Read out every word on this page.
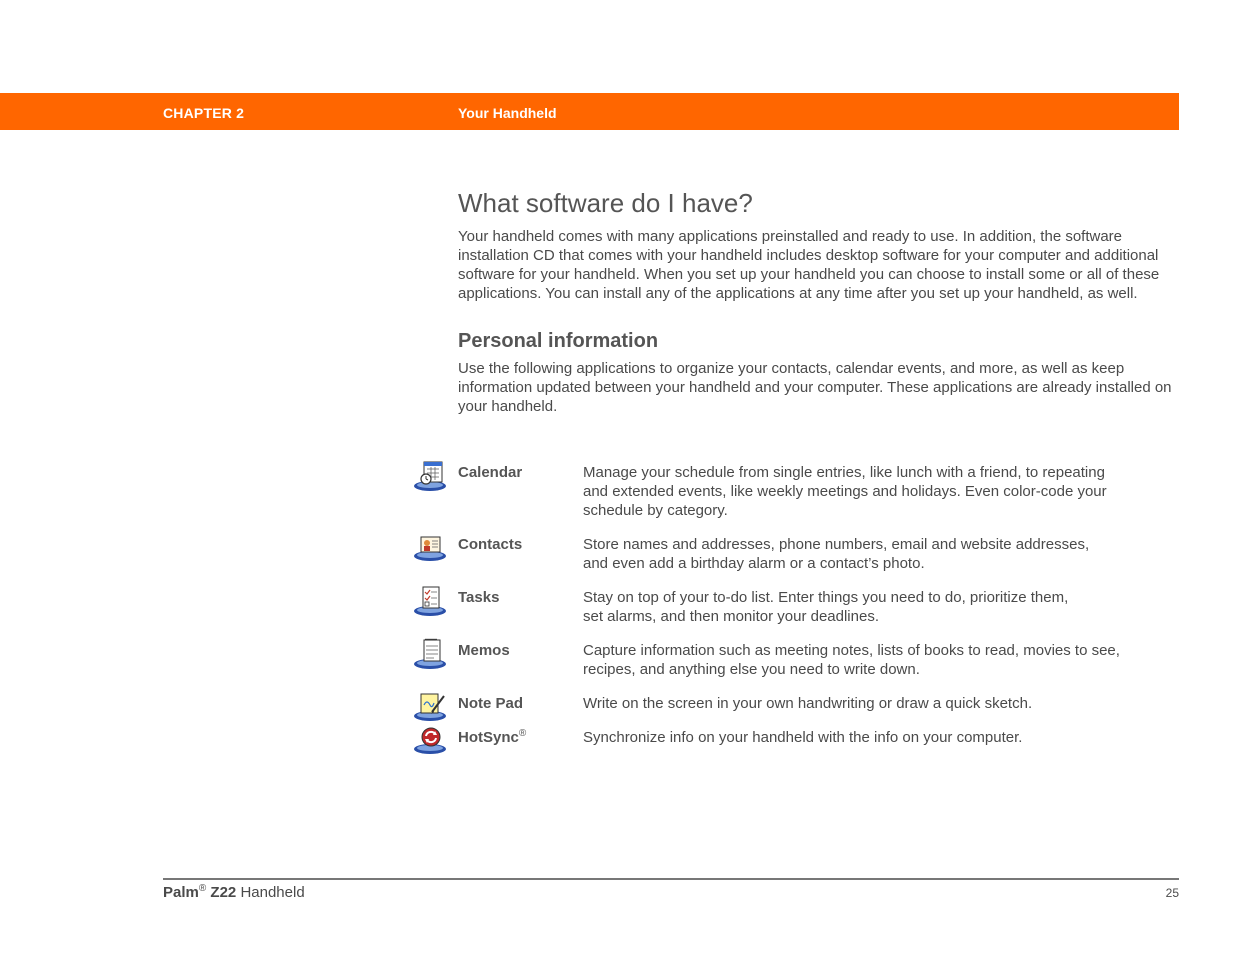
CHAPTER 2	Your Handheld
What software do I have?

Your handheld comes with many applications preinstalled and ready to use. In addition, the software installation CD that comes with your handheld includes desktop software for your computer and additional software for your handheld. When you set up your handheld you can choose to install some or all of these applications. You can install any of the applications at any time after you set up your handheld, as well.

Personal information

Use the following applications to organize your contacts, calendar events, and more, as well as keep information updated between your handheld and your computer. These applications are already installed on your handheld.

Calendar	Manage your schedule from single entries, like lunch with a friend, to repeating
and extended events, like weekly meetings and holidays. Even color-code your
schedule by category.
Contacts	Store names and addresses, phone numbers, email and website addresses,
and even add a birthday alarm or a contact’s photo.
Tasks	Stay on top of your to-do list. Enter things you need to do, prioritize them,
set alarms, and then monitor your deadlines.
Memos	Capture information such as meeting notes, lists of books to read, movies to see,
recipes, and anything else you need to write down.
Note Pad	Write on the screen in your own handwriting or draw a quick sketch.
HotSync®	Synchronize info on your handheld with the info on your computer.
Palm® Z22 Handheld	25
